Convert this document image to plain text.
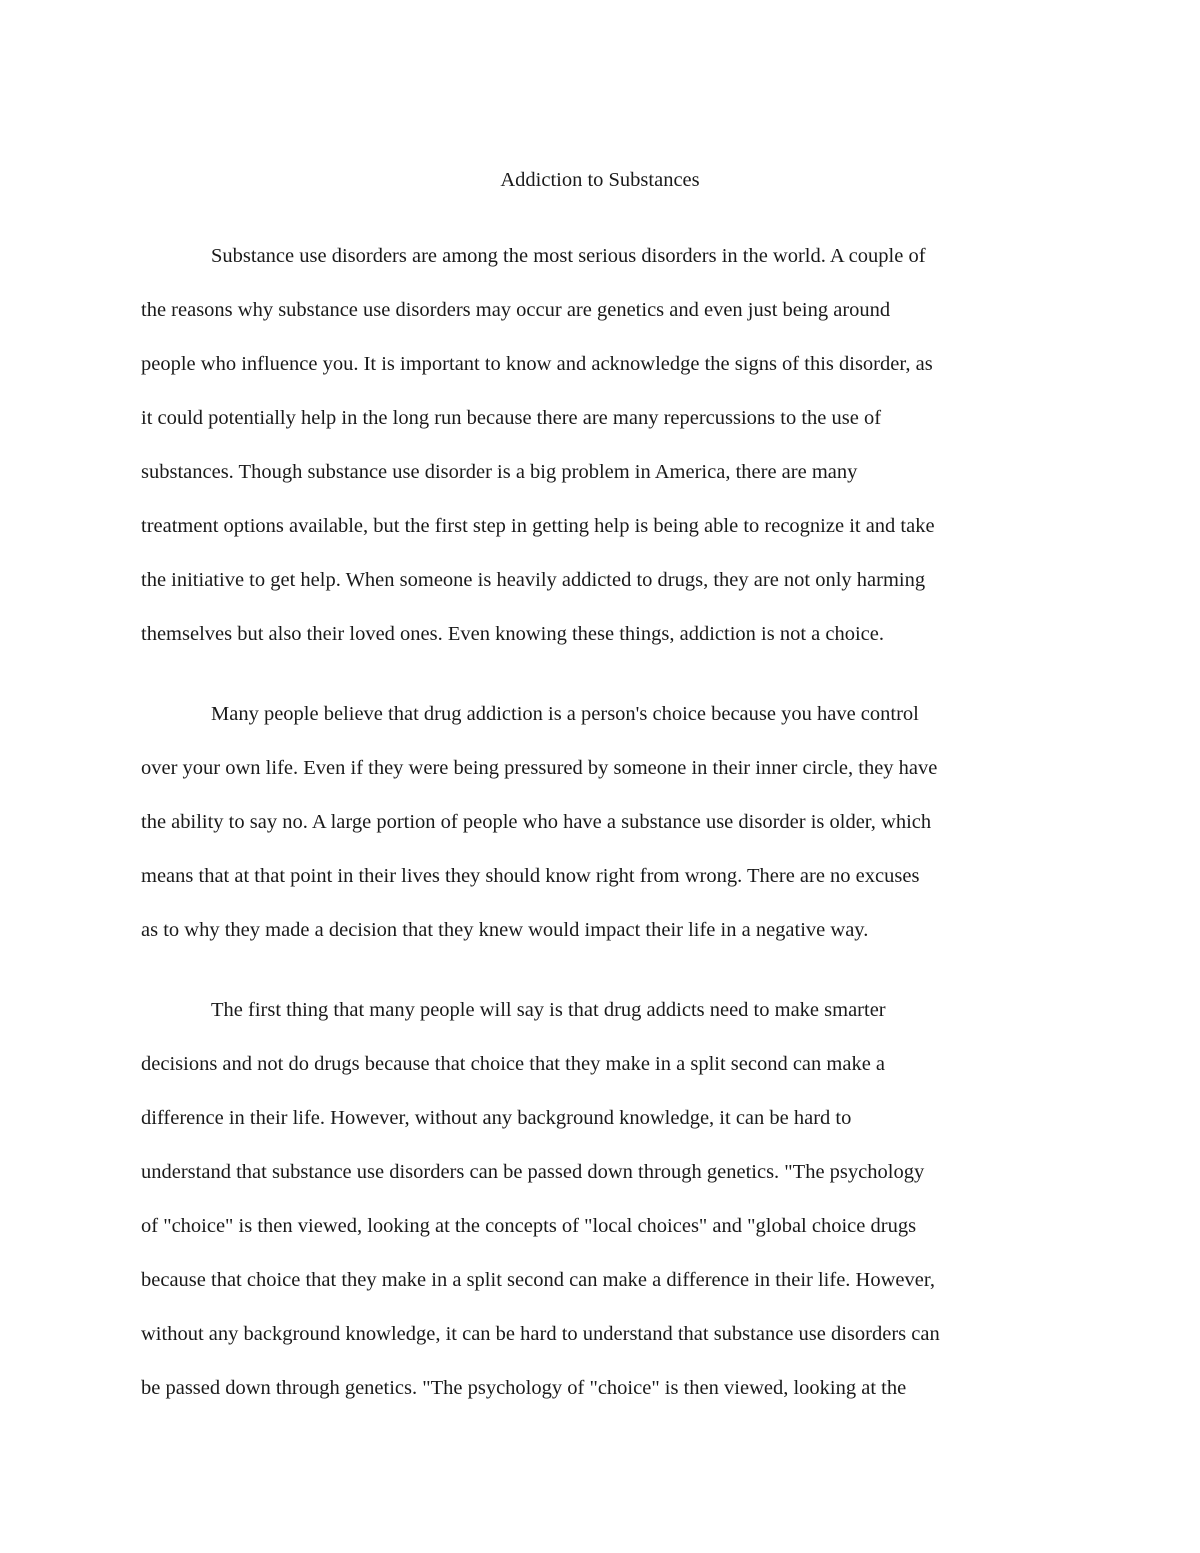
Addiction to Substances
Substance use disorders are among the most serious disorders in the world. A couple of
the reasons why substance use disorders may occur are genetics and even just being around
people who influence you. It is important to know and acknowledge the signs of this disorder, as
it could potentially help in the long run because there are many repercussions to the use of
substances. Though substance use disorder is a big problem in America, there are many
treatment options available, but the first step in getting help is being able to recognize it and take
the initiative to get help. When someone is heavily addicted to drugs, they are not only harming
themselves but also their loved ones. Even knowing these things, addiction is not a choice.
Many people believe that drug addiction is a person's choice because you have control
over your own life. Even if they were being pressured by someone in their inner circle, they have
the ability to say no. A large portion of people who have a substance use disorder is older, which
means that at that point in their lives they should know right from wrong. There are no excuses
as to why they made a decision that they knew would impact their life in a negative way.
The first thing that many people will say is that drug addicts need to make smarter
decisions and not do drugs because that choice that they make in a split second can make a
difference in their life. However, without any background knowledge, it can be hard to
understand that substance use disorders can be passed down through genetics. "The psychology
of "choice" is then viewed, looking at the concepts of "local choices" and "global choice drugs
because that choice that they make in a split second can make a difference in their life. However,
without any background knowledge, it can be hard to understand that substance use disorders can
be passed down through genetics. "The psychology of "choice" is then viewed, looking at the
